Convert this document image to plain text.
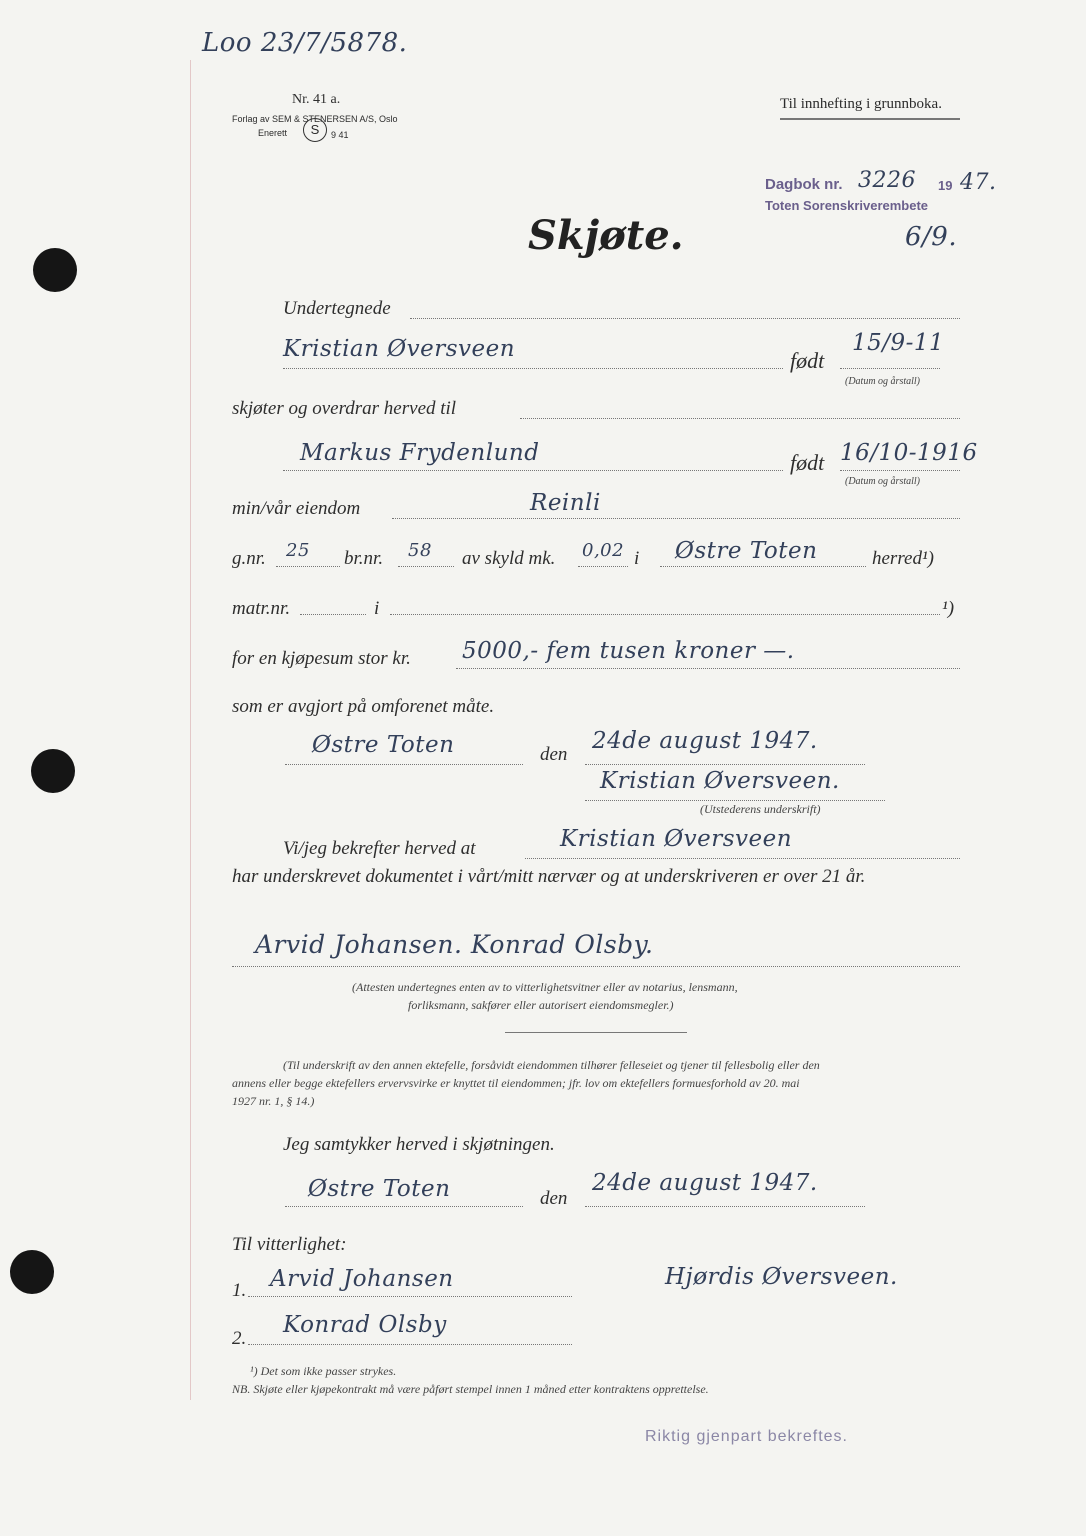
Loo 23/7/5878.
Nr. 41 a.
Forlag av SEM & STENERSEN A/S, Oslo
Enerett	S	9 41
Til innhefting i grunnboka.
Dagbok nr. 3226 19 47.
Toten Sorenskriverembete
6/9.
Skjøte.
Undertegnede
Kristian Øversveen	født
15/9-11
(Datum og årstall)
skjøter og overdrar herved til
Markus Frydenlund	født 16/10-1916
(Datum og årstall)
min/vår eiendom	Reinli
g.nr. 25 br.nr. 58 av skyld mk. 0,02 i Østre Toten	herred¹)
matr.nr.	i	¹)
for en kjøpesum stor kr. 5000,- fem tusen kroner —.
som er avgjort på omforenet måte.
Østre Toten	den
24de august 1947.
Kristian Øversveen.
(Utstederens underskrift)
Vi/jeg bekrefter herved at	Kristian Øversveen
har underskrevet dokumentet i vårt/mitt nærvær og at underskriveren er over 21 år.
Arvid Johansen. Konrad Olsby.
(Attesten undertegnes enten av to vitterlighetsvitner eller av notarius, lensmann,
forliksmann, sakfører eller autorisert eiendomsmegler.)
(Til underskrift av den annen ektefelle, forsåvidt eiendommen tilhører felleseiet og tjener til fellesbolig eller den
annens eller begge ektefellers ervervsvirke er knyttet til eiendommen; jfr. lov om ektefellers formuesforhold av 20. mai
1927 nr. 1, § 14.)
Jeg samtykker herved i skjøtningen.
Østre Toten	den
24de august 1947.
Til vitterlighet:
1. Arvid Johansen	Hjørdis Øversveen.
2.
Konrad Olsby
¹) Det som ikke passer strykes.
NB. Skjøte eller kjøpekontrakt må være påført stempel innen 1 måned etter kontraktens opprettelse.
Riktig gjenpart bekreftes.
